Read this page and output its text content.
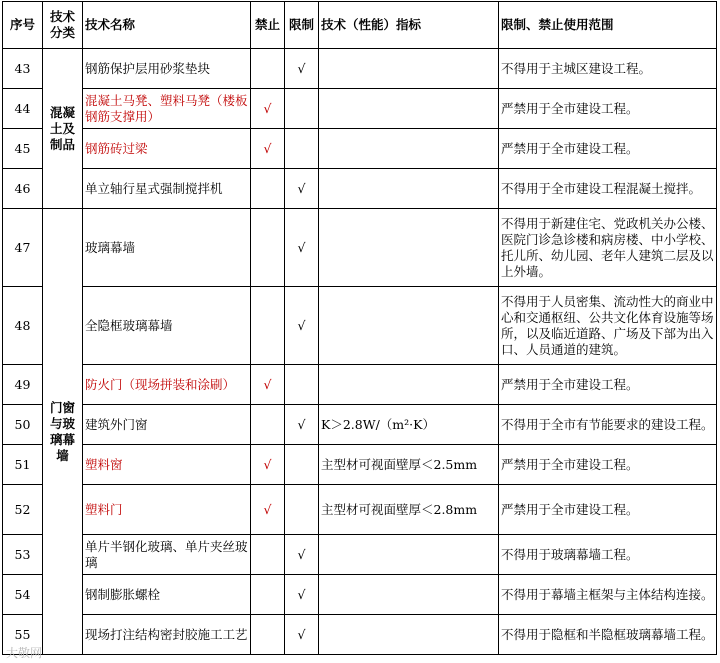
序号	技术分类	技术名称	禁止	限制	技术（性能）指标	限制、禁止使用范围
43	混凝土及制品	钢筋保护层用砂浆垫块		√		不得用于主城区建设工程。
44		混凝土马凳、塑料马凳（楼板钢筋支撑用）	√			严禁用于全市建设工程。
45		钢筋砖过梁	√			严禁用于全市建设工程。
46		单立轴行星式强制搅拌机		√		不得用于全市建设工程混凝土搅拌。
47	门窗与玻璃幕墙	玻璃幕墙		√		不得用于新建住宅、党政机关办公楼、医院门诊急诊楼和病房楼、中小学校、托儿所、幼儿园、老年人建筑二层及以上外墙。
48		全隐框玻璃幕墙		√		不得用于人员密集、流动性大的商业中心和交通枢纽、公共文化体育设施等场所，以及临近道路、广场及下部为出入口、人员通道的建筑。
49		防火门（现场拼装和涂刷）	√			严禁用于全市建设工程。
50		建筑外门窗		√	K＞2.8W/（m²·K）	不得用于全市有节能要求的建设工程。
51		塑料窗	√		主型材可视面壁厚＜2.5mm	严禁用于全市建设工程。
52		塑料门	√		主型材可视面壁厚＜2.8mm	严禁用于全市建设工程。
53		单片半钢化玻璃、单片夹丝玻璃		√		不得用于玻璃幕墙工程。
54		钢制膨胀螺栓		√		不得用于幕墙主框架与主体结构连接。
55		现场打注结构密封胶施工工艺		√		不得用于隐框和半隐框玻璃幕墙工程。
大敬网
